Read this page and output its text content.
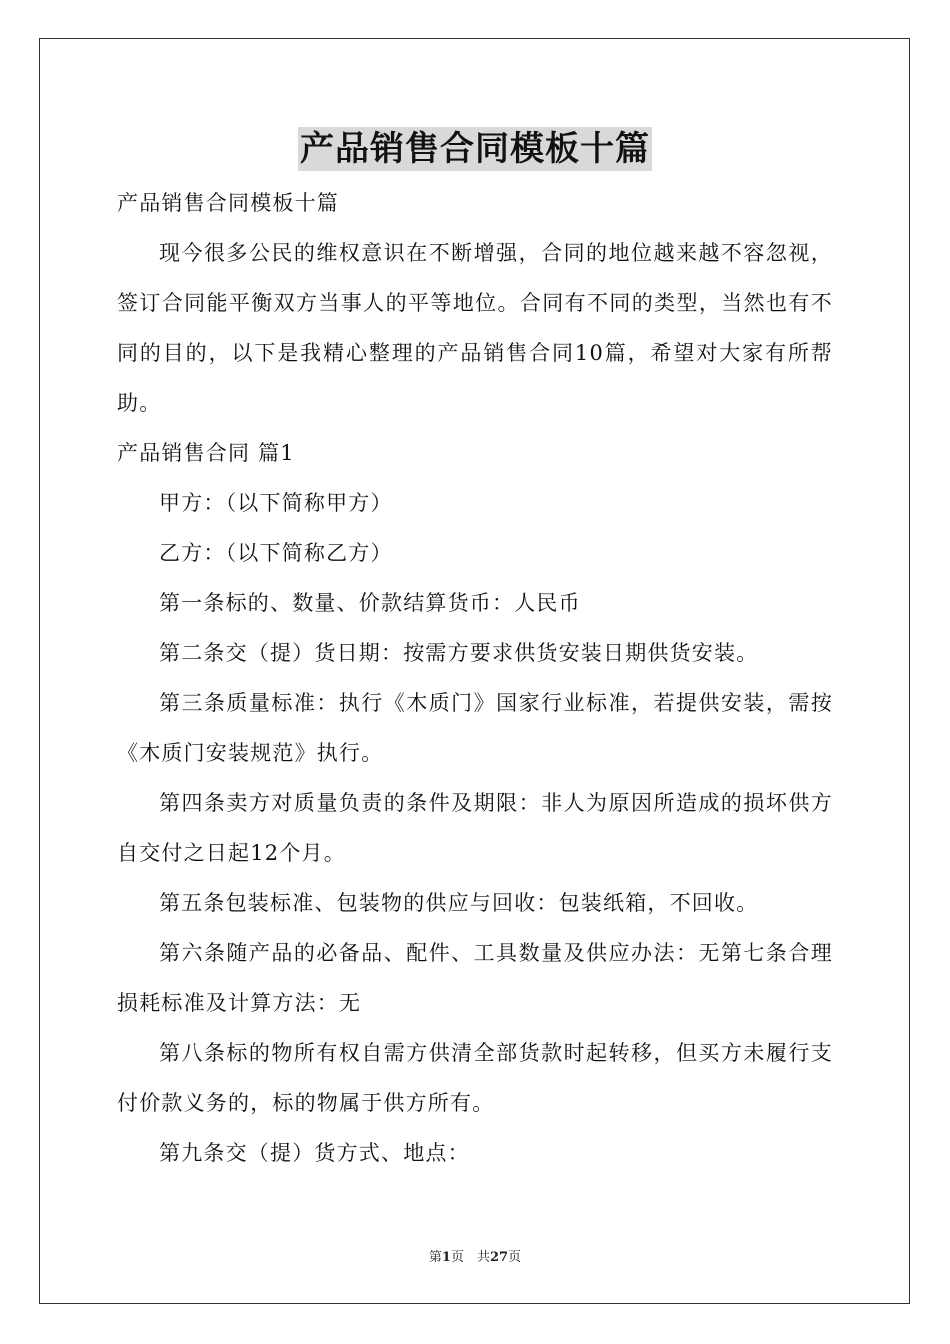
产品销售合同模板十篇

产品销售合同模板十篇

现今很多公民的维权意识在不断增强，合同的地位越来越不容忽视，签订合同能平衡双方当事人的平等地位。合同有不同的类型，当然也有不同的目的，以下是我精心整理的产品销售合同10篇，希望对大家有所帮助。

产品销售合同 篇1

甲方：（以下简称甲方）

乙方：（以下简称乙方）

第一条标的、数量、价款结算货币：人民币

第二条交（提）货日期：按需方要求供货安装日期供货安装。

第三条质量标准：执行《木质门》国家行业标准，若提供安装，需按《木质门安装规范》执行。

第四条卖方对质量负责的条件及期限：非人为原因所造成的损坏供方自交付之日起12个月。

第五条包装标准、包装物的供应与回收：包装纸箱，不回收。

第六条随产品的必备品、配件、工具数量及供应办法：无第七条合理损耗标准及计算方法：无

第八条标的物所有权自需方供清全部货款时起转移，但买方未履行支付价款义务的，标的物属于供方所有。

第九条交（提）货方式、地点：

第1页　共27页
